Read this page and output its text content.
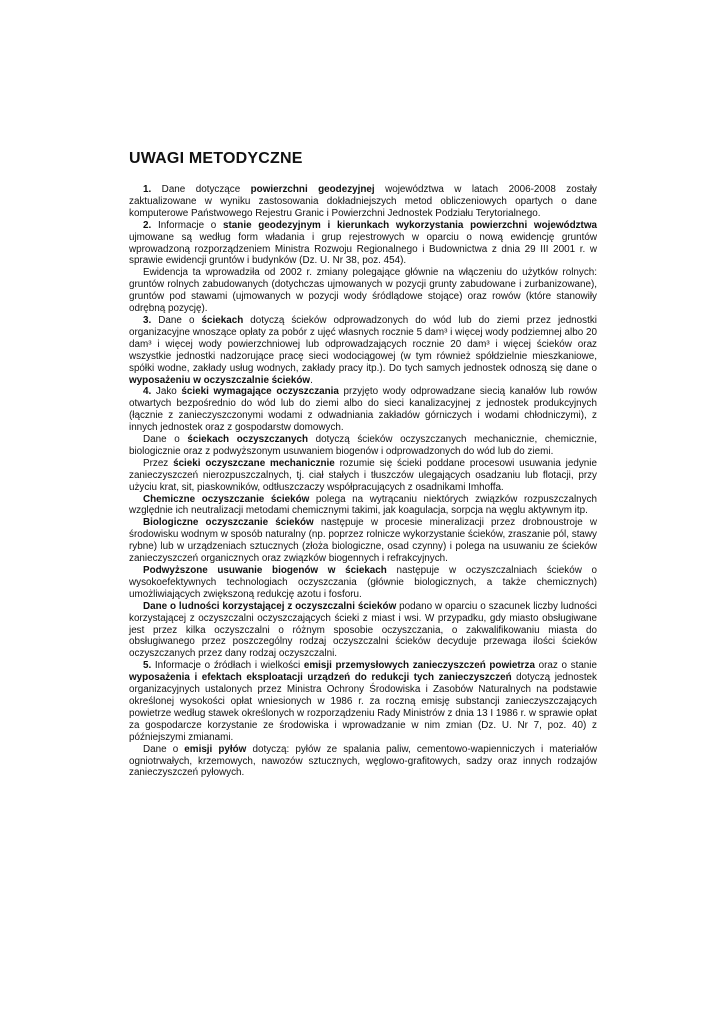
UWAGI METODYCZNE

1. Dane dotyczące powierzchni geodezyjnej województwa w latach 2006-2008 zostały zaktualizowane w wyniku zastosowania dokładniejszych metod obliczeniowych opartych o dane komputerowe Państwowego Rejestru Granic i Powierzchni Jednostek Podziału Terytorialnego.

2. Informacje o stanie geodezyjnym i kierunkach wykorzystania powierzchni województwa ujmowane są według form władania i grup rejestrowych w oparciu o nową ewidencję gruntów wprowadzoną rozporządzeniem Ministra Rozwoju Regionalnego i Budownictwa z dnia 29 III 2001 r. w sprawie ewidencji gruntów i budynków (Dz. U. Nr 38, poz. 454).

Ewidencja ta wprowadziła od 2002 r. zmiany polegające głównie na włączeniu do użytków rolnych: gruntów rolnych zabudowanych (dotychczas ujmowanych w pozycji grunty zabudowane i zurbanizowane), gruntów pod stawami (ujmowanych w pozycji wody śródlądowe stojące) oraz rowów (które stanowiły odrębną pozycję).

3. Dane o ściekach dotyczą ścieków odprowadzonych do wód lub do ziemi przez jednostki organizacyjne wnoszące opłaty za pobór z ujęć własnych rocznie 5 dam³ i więcej wody podziemnej albo 20 dam³ i więcej wody powierzchniowej lub odprowadzających rocznie 20 dam³ i więcej ścieków oraz wszystkie jednostki nadzorujące pracę sieci wodociągowej (w tym również spółdzielnie mieszkaniowe, spółki wodne, zakłady usług wodnych, zakłady pracy itp.). Do tych samych jednostek odnoszą się dane o wyposażeniu w oczyszczalnie ścieków.

4. Jako ścieki wymagające oczyszczania przyjęto wody odprowadzane siecią kanałów lub rowów otwartych bezpośrednio do wód lub do ziemi albo do sieci kanalizacyjnej z jednostek produkcyjnych (łącznie z zanieczyszczonymi wodami z odwadniania zakładów górniczych i wodami chłodniczymi), z innych jednostek oraz z gospodarstw domowych.

Dane o ściekach oczyszczanych dotyczą ścieków oczyszczanych mechanicznie, chemicznie, biologicznie oraz z podwyższonym usuwaniem biogenów i odprowadzonych do wód lub do ziemi.

Przez ścieki oczyszczane mechanicznie rozumie się ścieki poddane procesowi usuwania jedynie zanieczyszczeń nierozpuszczalnych, tj. ciał stałych i tłuszczów ulegających osadzaniu lub flotacji, przy użyciu krat, sit, piaskowników, odtłuszczaczy współpracujących z osadnikami Imhoffa.

Chemiczne oczyszczanie ścieków polega na wytrącaniu niektórych związków rozpuszczalnych względnie ich neutralizacji metodami chemicznymi takimi, jak koagulacja, sorpcja na węglu aktywnym itp.

Biologiczne oczyszczanie ścieków następuje w procesie mineralizacji przez drobnoustroje w środowisku wodnym w sposób naturalny (np. poprzez rolnicze wykorzystanie ścieków, zraszanie pól, stawy rybne) lub w urządzeniach sztucznych (złoża biologiczne, osad czynny) i polega na usuwaniu ze ścieków zanieczyszczeń organicznych oraz związków biogennych i refrakcyjnych.

Podwyższone usuwanie biogenów w ściekach następuje w oczyszczalniach ścieków o wysokoefektywnych technologiach oczyszczania (głównie biologicznych, a także chemicznych) umożliwiających zwiększoną redukcję azotu i fosforu.

Dane o ludności korzystającej z oczyszczalni ścieków podano w oparciu o szacunek liczby ludności korzystającej z oczyszczalni oczyszczających ścieki z miast i wsi. W przypadku, gdy miasto obsługiwane jest przez kilka oczyszczalni o różnym sposobie oczyszczania, o zakwalifikowaniu miasta do obsługiwanego przez poszczególny rodzaj oczyszczalni ścieków decyduje przewaga ilości ścieków oczyszczanych przez dany rodzaj oczyszczalni.

5. Informacje o źródłach i wielkości emisji przemysłowych zanieczyszczeń powietrza oraz o stanie wyposażenia i efektach eksploatacji urządzeń do redukcji tych zanieczyszczeń dotyczą jednostek organizacyjnych ustalonych przez Ministra Ochrony Środowiska i Zasobów Naturalnych na podstawie określonej wysokości opłat wniesionych w 1986 r. za roczną emisję substancji zanieczyszczających powietrze według stawek określonych w rozporządzeniu Rady Ministrów z dnia 13 I 1986 r. w sprawie opłat za gospodarcze korzystanie ze środowiska i wprowadzanie w nim zmian (Dz. U. Nr 7, poz. 40) z późniejszymi zmianami.

Dane o emisji pyłów dotyczą: pyłów ze spalania paliw, cementowo-wapienniczych i materiałów ogniotrwałych, krzemowych, nawozów sztucznych, węglowo-grafitowych, sadzy oraz innych rodzajów zanieczyszczeń pyłowych.
